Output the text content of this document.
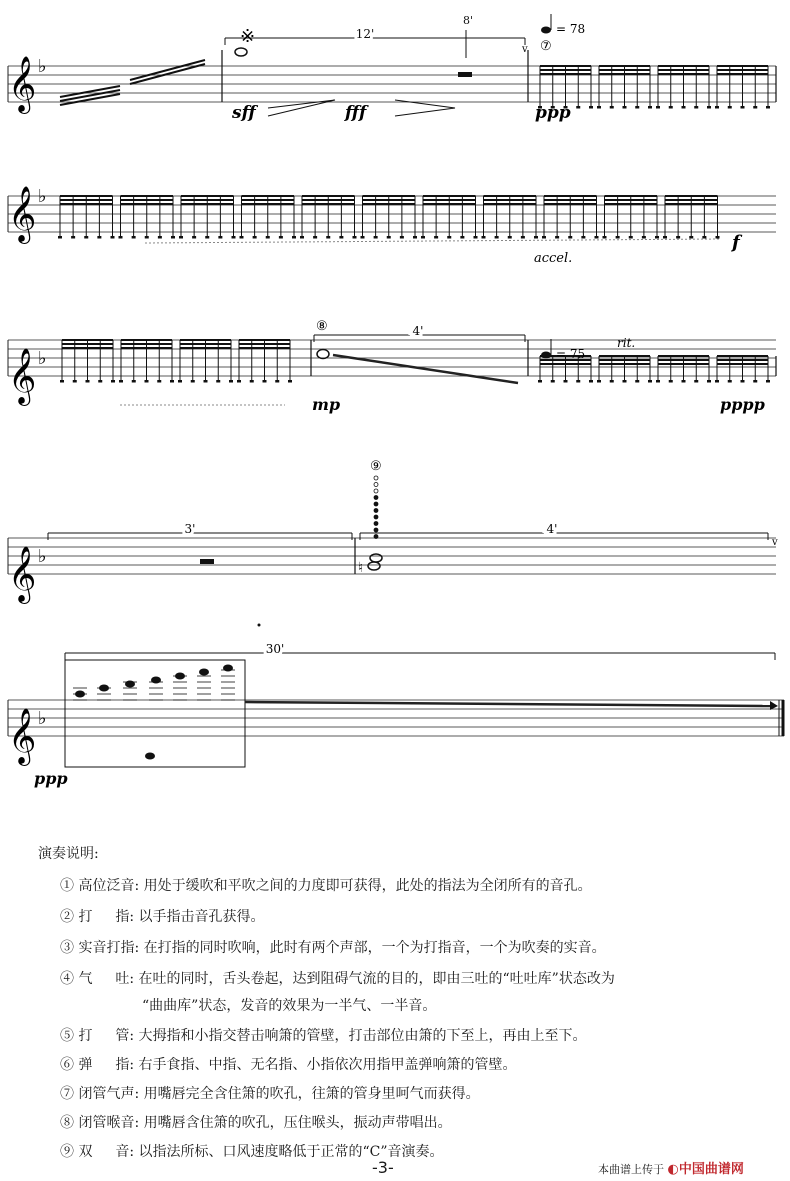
𝄞 ♭
12'
8'
※
v ⑦
= 78
sff	fff	ppp
𝄞 ♭
accel.
f
𝄞 ♭
⑧	4'
= 75
rit.
mp	pppp
𝄞 ♭
3'
⑨
♮
4'
v
𝄞 ♭
30'
ppp
演奏说明:
① 高位泛音: 用处于缓吹和平吹之间的力度即可获得，此处的指法为全闭所有的音孔。
② 打 　 指: 以手指击音孔获得。
③ 实音打指: 在打指的同时吹响，此时有两个声部，一个为打指音，一个为吹奏的实音。
④ 气 　 吐: 在吐的同时，舌头卷起，达到阻碍气流的目的，即由三吐的“吐吐库”状态改为
“曲曲库”状态，发音的效果为一半气、一半音。
⑤ 打 　 管: 大拇指和小指交替击响箫的管壁，打击部位由箫的下至上，再由上至下。
⑥ 弹 　 指: 右手食指、中指、无名指、小指依次用指甲盖弹响箫的管壁。
⑦ 闭管气声: 用嘴唇完全含住箫的吹孔，往箫的管身里呵气而获得。
⑧ 闭管喉音: 用嘴唇含住箫的吹孔，压住喉头，振动声带唱出。
⑨ 双 　 音: 以指法所标、口风速度略低于正常的“C”音演奏。
-3-	本曲谱上传于 ◐中国曲谱网
